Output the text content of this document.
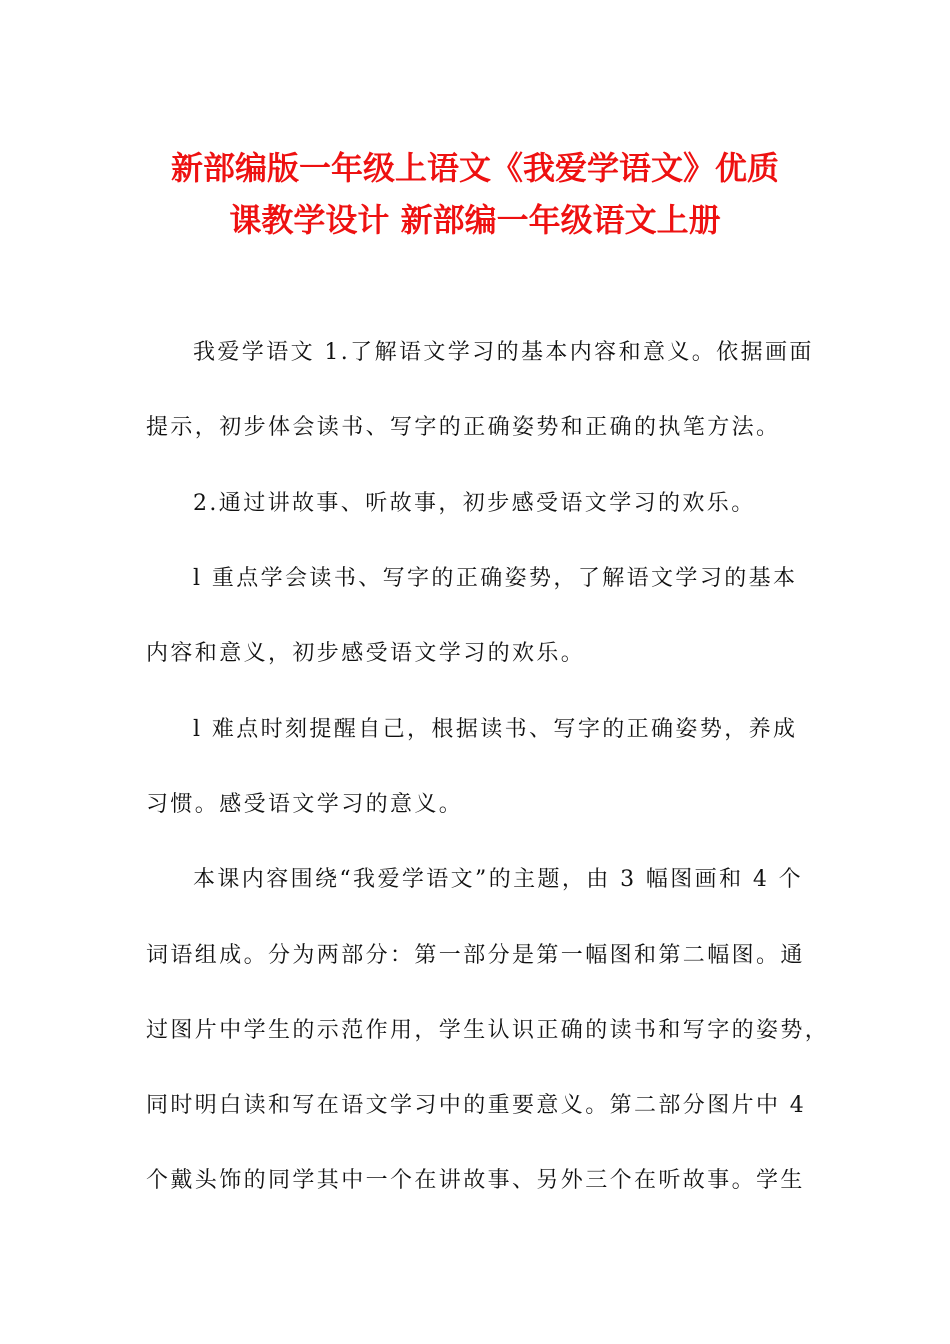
新部编版一年级上语文《我爱学语文》优质
课教学设计 新部编一年级语文上册
我爱学语文 1.了解语文学习的基本内容和意义。依据画面
提示，初步体会读书、写字的正确姿势和正确的执笔方法。
2.通过讲故事、听故事，初步感受语文学习的欢乐。
l 重点学会读书、写字的正确姿势，了解语文学习的基本
内容和意义，初步感受语文学习的欢乐。
l 难点时刻提醒自己，根据读书、写字的正确姿势，养成
习惯。感受语文学习的意义。
本课内容围绕“我爱学语文”的主题，由 3 幅图画和 4 个
词语组成。分为两部分：第一部分是第一幅图和第二幅图。通
过图片中学生的示范作用，学生认识正确的读书和写字的姿势，
同时明白读和写在语文学习中的重要意义。第二部分图片中 4
个戴头饰的同学其中一个在讲故事、另外三个在听故事。学生
